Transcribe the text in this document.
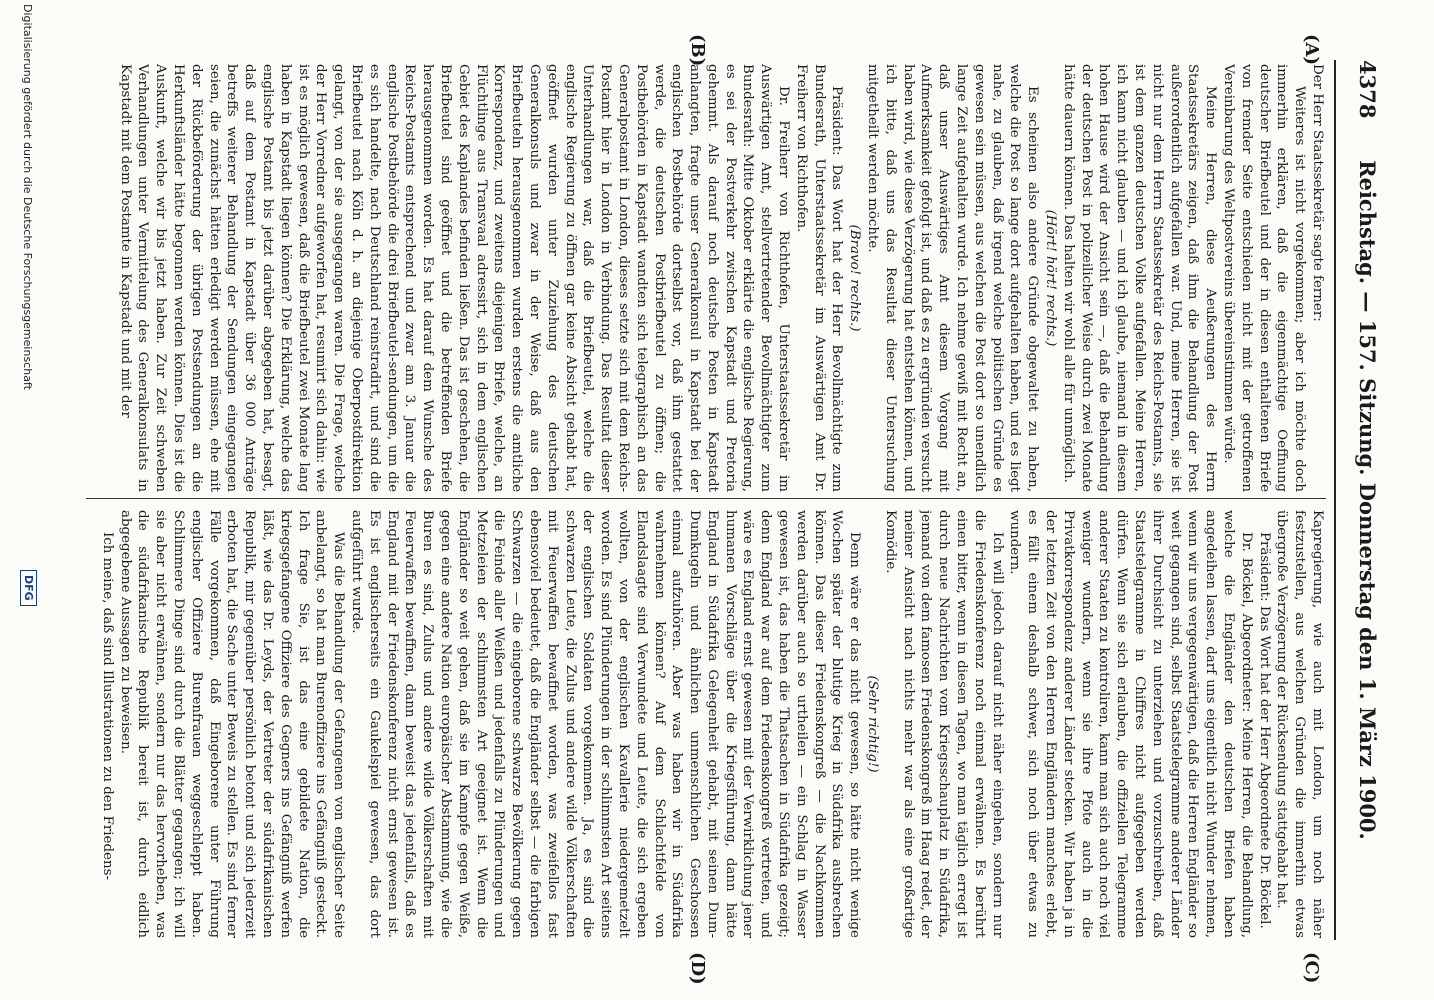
4378
Reichstag. — 157. Sitzung. Donnerstag den 1. März 1900.
(A)
(B)
(C)
(D)

Der Herr Staatssekretär sagte ferner:

Weiteres ist nicht vorgekommen; aber ich möchte doch immerhin erklären, daß die eigenmächtige Oeffnung deutscher Briefbeutel und der in diesen enthaltenen Briefe von fremder Seite entschieden nicht mit der getroffenen Vereinbarung des Weltpostvereins übereinstimmen würde.

Meine Herren, diese Aeußerungen des Herrn Staatssekretärs zeigen, daß ihm die Behandlung der Post außerordentlich aufgefallen war. Und, meine Herren, sie ist nicht nur dem Herrn Staatssekretär des Reichs-Postamts, sie ist dem ganzen deutschen Volke aufgefallen. Meine Herren, ich kann nicht glauben — und ich glaube, niemand in diesem hohen Hause wird der Ansicht sein —, daß die Behandlung der deutschen Post in polizeilicher Weise durch zwei Monate hätte dauern können. Das halten wir wohl alle für unmöglich.

(Hört! hört! rechts.)

Es scheinen also andere Gründe obgewaltet zu haben, welche die Post so lange dort aufgehalten haben, und es liegt nahe, zu glauben, daß irgend welche politischen Gründe es gewesen sein müssen, aus welchen die Post dort so unendlich lange Zeit aufgehalten wurde. Ich nehme gewiß mit Recht an, daß unser Auswärtiges Amt diesem Vorgang mit Aufmerksamkeit gefolgt ist, und daß es zu ergründen versucht haben wird, wie diese Verzögerung hat entstehen können, und ich bitte, daß uns das Resultat dieser Untersuchung mitgetheilt werden möchte.

(Bravo! rechts.)

Präsident: Das Wort hat der Herr Bevollmächtigte zum Bundesrath, Unterstaatssekretär im Auswärtigen Amt Dr. Freiherr von Richthofen.

Dr. Freiherr von Richthofen, Unterstaatssekretär im Auswärtigen Amt, stellvertretender Bevollmächtigter zum Bundesrath: Mitte Oktober erklärte die englische Regierung, es sei der Postverkehr zwischen Kapstadt und Pretoria gehemmt. Als darauf noch deutsche Posten in Kapstadt anlangten, fragte unser Generalkonsul in Kapstadt bei der englischen Postbehörde dortselbst vor, daß ihm gestattet werde, die deutschen Postbriefbeutel zu öffnen; die Postbehörden in Kapstadt wandten sich telegraphisch an das Generalpostamt in London, dieses setzte sich mit dem Reichs-Postamt hier in London in Verbindung. Das Resultat dieser Unterhandlungen war, daß die Briefbeutel, welche die englische Regierung zu öffnen gar keine Absicht gehabt hat, geöffnet wurden unter Zuziehung des deutschen Generalkonsuls und zwar in der Weise, daß aus den Briefbeuteln herausgenommen wurden erstens die amtliche Korrespondenz, und zweitens diejenigen Briefe, welche, an Flüchtlinge aus Transvaal adressirt, sich in dem englischen Gebiet des Kaplandes befinden ließen. Das ist geschehen, die Briefbeutel sind geöffnet und die betreffenden Briefe herausgenommen worden. Es hat darauf dem Wunsche des Reichs-Postamts entsprechend und zwar am 3. Januar die englische Postbehörde die drei Briefbeutel-sendungen, um die es sich handelte, nach Deutschland reinstradirt, und sind die Briefbeutel nach Köln d. h. an diejenige Oberpostdirektion gelangt, von der sie ausgegangen waren. Die Frage, welche der Herr Vorredner aufgeworfen hat, resumirt sich dahin: wie ist es möglich gewesen, daß die Briefbeutel zwei Monate lang haben in Kapstadt liegen können? Die Erklärung, welche das englische Postamt bis jetzt darüber abgegeben hat, besagt, daß auf dem Postamt in Kapstadt über 36 000 Anträge betreffs weiterer Behandlung der Sendungen eingegangen seien, die zunächst hätten erledigt werden müssen, ehe mit der Rückbeförderung der übrigen Postsendungen an die Herkunftsländer hätte begonnen werden können. Dies ist die Auskunft, welche wir bis jetzt haben. Zur Zeit schweben Verhandlungen unter Vermittelung des Generalkonsulats in Kapstadt mit dem Postamte in Kapstadt und mit der

Kapregierung, wie auch mit London, um noch näher festzustellen, aus welchen Gründen die immerhin etwas übergroße Verzögerung der Rücksendung stattgehabt hat.

Präsident: Das Wort hat der Herr Abgeordnete Dr. Böckel.

Dr. Böckel, Abgeordneter: Meine Herren, die Behandlung, welche die Engländer den deutschen Briefen haben angedeihen lassen, darf uns eigentlich nicht Wunder nehmen, wenn wir uns vergegenwärtigen, daß die Herren Engländer so weit gegangen sind, selbst Staatstelegramme anderer Länder ihrer Durchsicht zu unterziehen und vorzuschreiben, daß Staatstelegramme in Chiffres nicht aufgegeben werden dürfen. Wenn sie sich erlauben, die offiziellen Telegramme anderer Staaten zu kontroliren, kann man sich auch noch viel weniger wundern, wenn sie ihre Pfote auch in die Privatkorrespondenz anderer Länder stecken. Wir haben ja in der letzten Zeit von den Herren Engländern manches erlebt, es fällt einem deshalb schwer, sich noch über etwas zu wundern.

Ich will jedoch darauf nicht näher eingehen, sondern nur die Friedenskonferenz noch einmal erwähnen. Es berührt einen bitter, wenn in diesen Tagen, wo man täglich erregt ist durch neue Nachrichten vom Kriegsschauplatz in Südafrika, jemand von dem famosen Friedenskongreß im Haag redet, der meiner Ansicht nach nichts mehr war als eine großartige Komödie.

(Sehr richtig!)

Denn wäre er das nicht gewesen, so hätte nicht wenige Wochen später der blutige Krieg in Südafrika ausbrechen können. Das dieser Friedenskongreß — die Nachkommen werden darüber auch so urtheilen — ein Schlag in Wasser gewesen ist, das haben die Thatsachen in Südafrika gezeigt; denn England war auf dem Friedenskongreß vertreten, und wäre es England ernst gewesen mit der Verwirklichung jener humanen Vorschläge über die Kriegsführung, dann hätte England in Südafrika Gelegenheit gehabt, mit seinen Dum-Dumkugeln und ähnlichen unmenschlichen Geschossen einmal aufzuhören. Aber was haben wir in Südafrika wahrnehmen können? Auf dem Schlachtfelde von Elandslaagte sind Verwundete und Leute, die sich ergeben wollten, von der englischen Kavallerie niedergemetzelt worden. Es sind Plünderungen in der schlimmsten Art seitens der englischen Soldaten vorgekommen. Ja, es sind die schwarzen Leute, die Zulus und andere wilde Völkerschaften mit Feuerwaffen bewaffnet worden, was zweifellos fast ebensoviel bedeutet, daß die Engländer selbst — die farbigen Schwarzen — die eingeborene schwarze Bevölkerung gegen die Feinde aller Weißen und jedenfalls zu Plünderungen und Metzeleien der schlimmsten Art geeignet ist. Wenn die Engländer so weit gehen, daß sie im Kampfe gegen Weiße, gegen eine andere Nation europäischer Abstammung, wie die Buren es sind, Zulus und andere wilde Völkerschaften mit Feuerwaffen bewaffnen, dann beweist das jedenfalls, daß es England mit der Friedenskonferenz nicht ernst gewesen ist. Es ist englischerseits ein Gaukelspiel gewesen, das dort aufgeführt wurde.

Was die Behandlung der Gefangenen von englischer Seite anbelangt, so hat man Burenoffiziere ins Gefängniß gesteckt. Ich frage Sie, ist das eine gebildete Nation, die kriegsgefangene Offiziere des Gegners ins Gefängniß werfen läßt, wie das Dr. Leyds, der Vertreter der südafrikanischen Republik, mir gegenüber persönlich betont und sich jederzeit erboten hat, die Sache unter Beweis zu stellen. Es sind ferner Fälle vorgekommen, daß Eingeborene unter Führung englischer Offiziere Burenfrauen weggeschleppt haben. Schlimmere Dinge sind durch die Blätter gegangen; ich will sie aber nicht erwähnen, sondern nur das hervorheben, was die südafrikanische Republik bereit ist, durch eidlich abgegebene Aussagen zu beweisen.

Ich meine, daß sind Illustrationen zu den Friedens-

Digitalisierung gefördert durch die Deutsche Forschungsgemeinschaft
DFG
